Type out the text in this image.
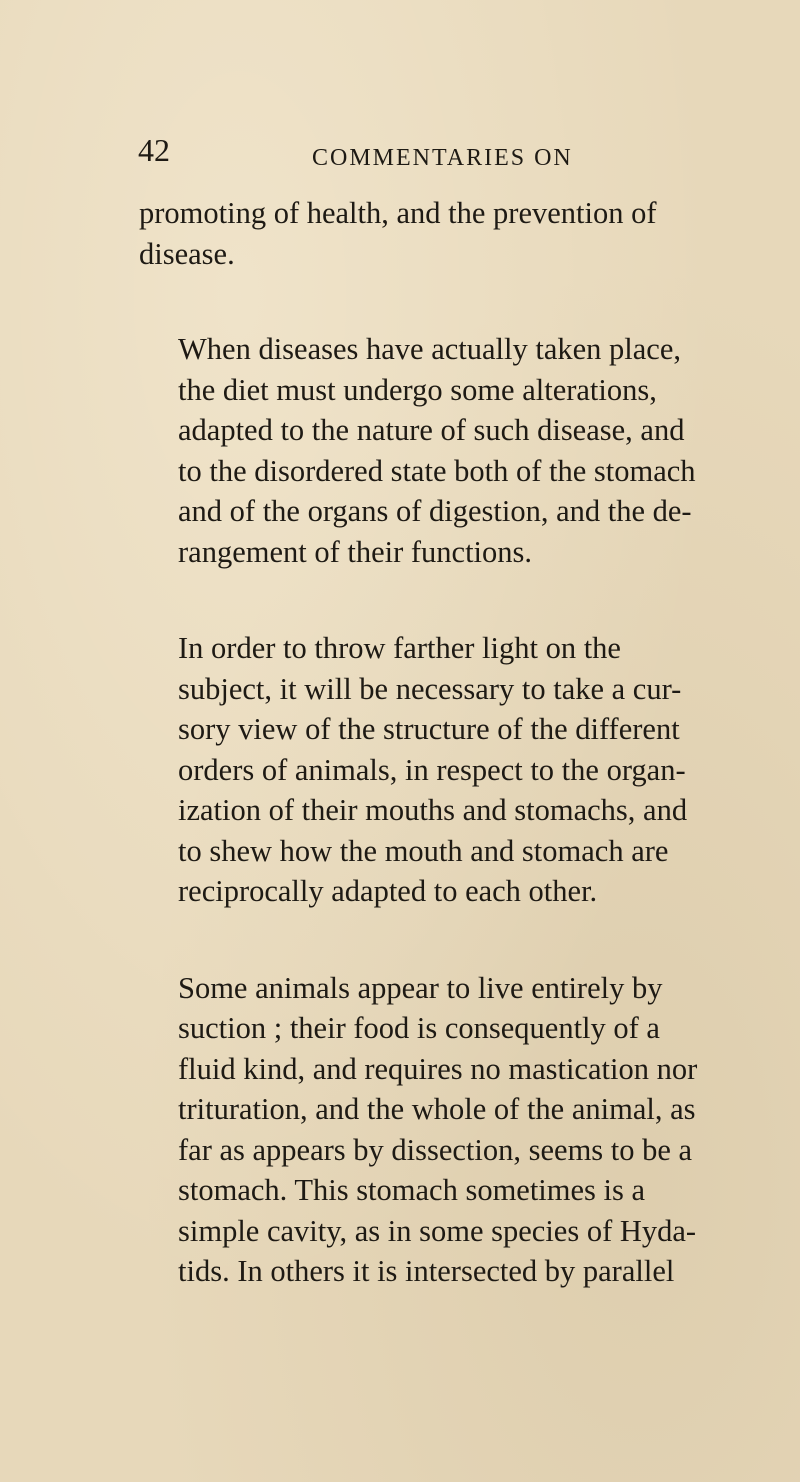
42	COMMENTARIES ON

promoting of health, and the prevention of
disease.

When diseases have actually taken place,
the diet must undergo some alterations,
adapted to the nature of such disease, and
to the disordered state both of the stomach
and of the organs of digestion, and the de-
rangement of their functions.

In order to throw farther light on the
subject, it will be necessary to take a cur-
sory view of the structure of the different
orders of animals, in respect to the organ-
ization of their mouths and stomachs, and
to shew how the mouth and stomach are
reciprocally adapted to each other.

Some animals appear to live entirely by
suction ; their food is consequently of a
fluid kind, and requires no mastication nor
trituration, and the whole of the animal, as
far as appears by dissection, seems to be a
stomach. This stomach sometimes is a
simple cavity, as in some species of Hyda-
tids. In others it is intersected by parallel
